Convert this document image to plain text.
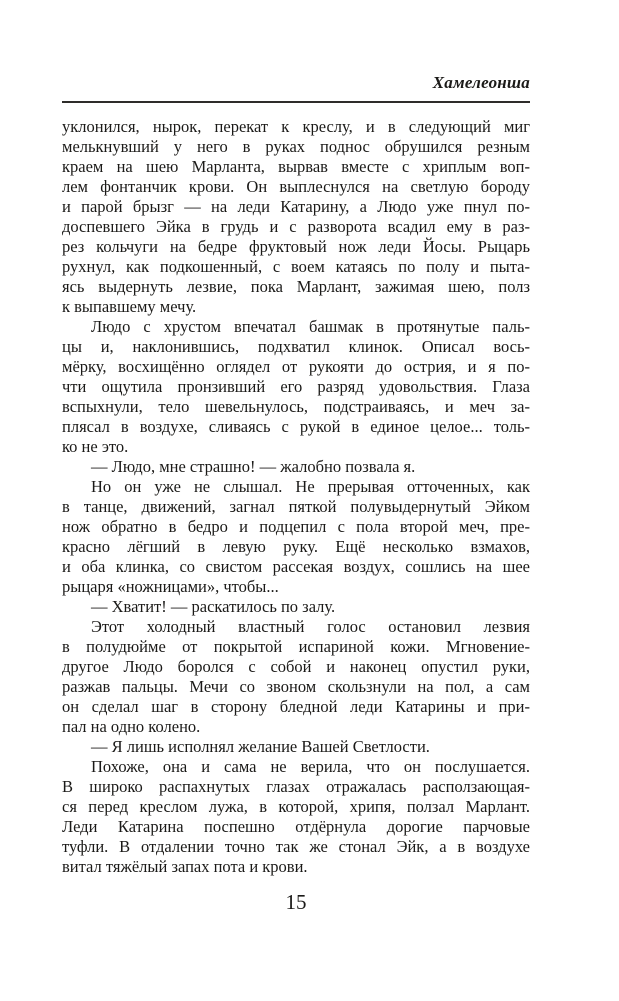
Хамелеонша
уклонился, нырок, перекат к креслу, и в следующий миг
мелькнувший у него в руках поднос обрушился резным
краем на шею Марланта, вырвав вместе с хриплым воп-
лем фонтанчик крови. Он выплеснулся на светлую бороду
и парой брызг — на леди Катарину, а Людо уже пнул по-
доспевшего Эйка в грудь и с разворота всадил ему в раз-
рез кольчуги на бедре фруктовый нож леди Йосы. Рыцарь
рухнул, как подкошенный, с воем катаясь по полу и пыта-
ясь выдернуть лезвие, пока Марлант, зажимая шею, полз
к выпавшему мечу.
Людо с хрустом впечатал башмак в протянутые паль-
цы и, наклонившись, подхватил клинок. Описал вось-
мёрку, восхищённо оглядел от рукояти до острия, и я по-
чти ощутила пронзивший его разряд удовольствия. Глаза
вспыхнули, тело шевельнулось, подстраиваясь, и меч за-
плясал в воздухе, сливаясь с рукой в единое целое... толь-
ко не это.
— Людо, мне страшно! — жалобно позвала я.
Но он уже не слышал. Не прерывая отточенных, как
в танце, движений, загнал пяткой полувыдернутый Эйком
нож обратно в бедро и подцепил с пола второй меч, пре-
красно лёгший в левую руку. Ещё несколько взмахов,
и оба клинка, со свистом рассекая воздух, сошлись на шее
рыцаря «ножницами», чтобы...
— Хватит! — раскатилось по залу.
Этот холодный властный голос остановил лезвия
в полудюйме от покрытой испариной кожи. Мгновение-
другое Людо боролся с собой и наконец опустил руки,
разжав пальцы. Мечи со звоном скользнули на пол, а сам
он сделал шаг в сторону бледной леди Катарины и при-
пал на одно колено.
— Я лишь исполнял желание Вашей Светлости.
Похоже, она и сама не верила, что он послушается.
В широко распахнутых глазах отражалась расползающая-
ся перед креслом лужа, в которой, хрипя, ползал Марлант.
Леди Катарина поспешно отдёрнула дорогие парчовые
туфли. В отдалении точно так же стонал Эйк, а в воздухе
витал тяжёлый запах пота и крови.
15
